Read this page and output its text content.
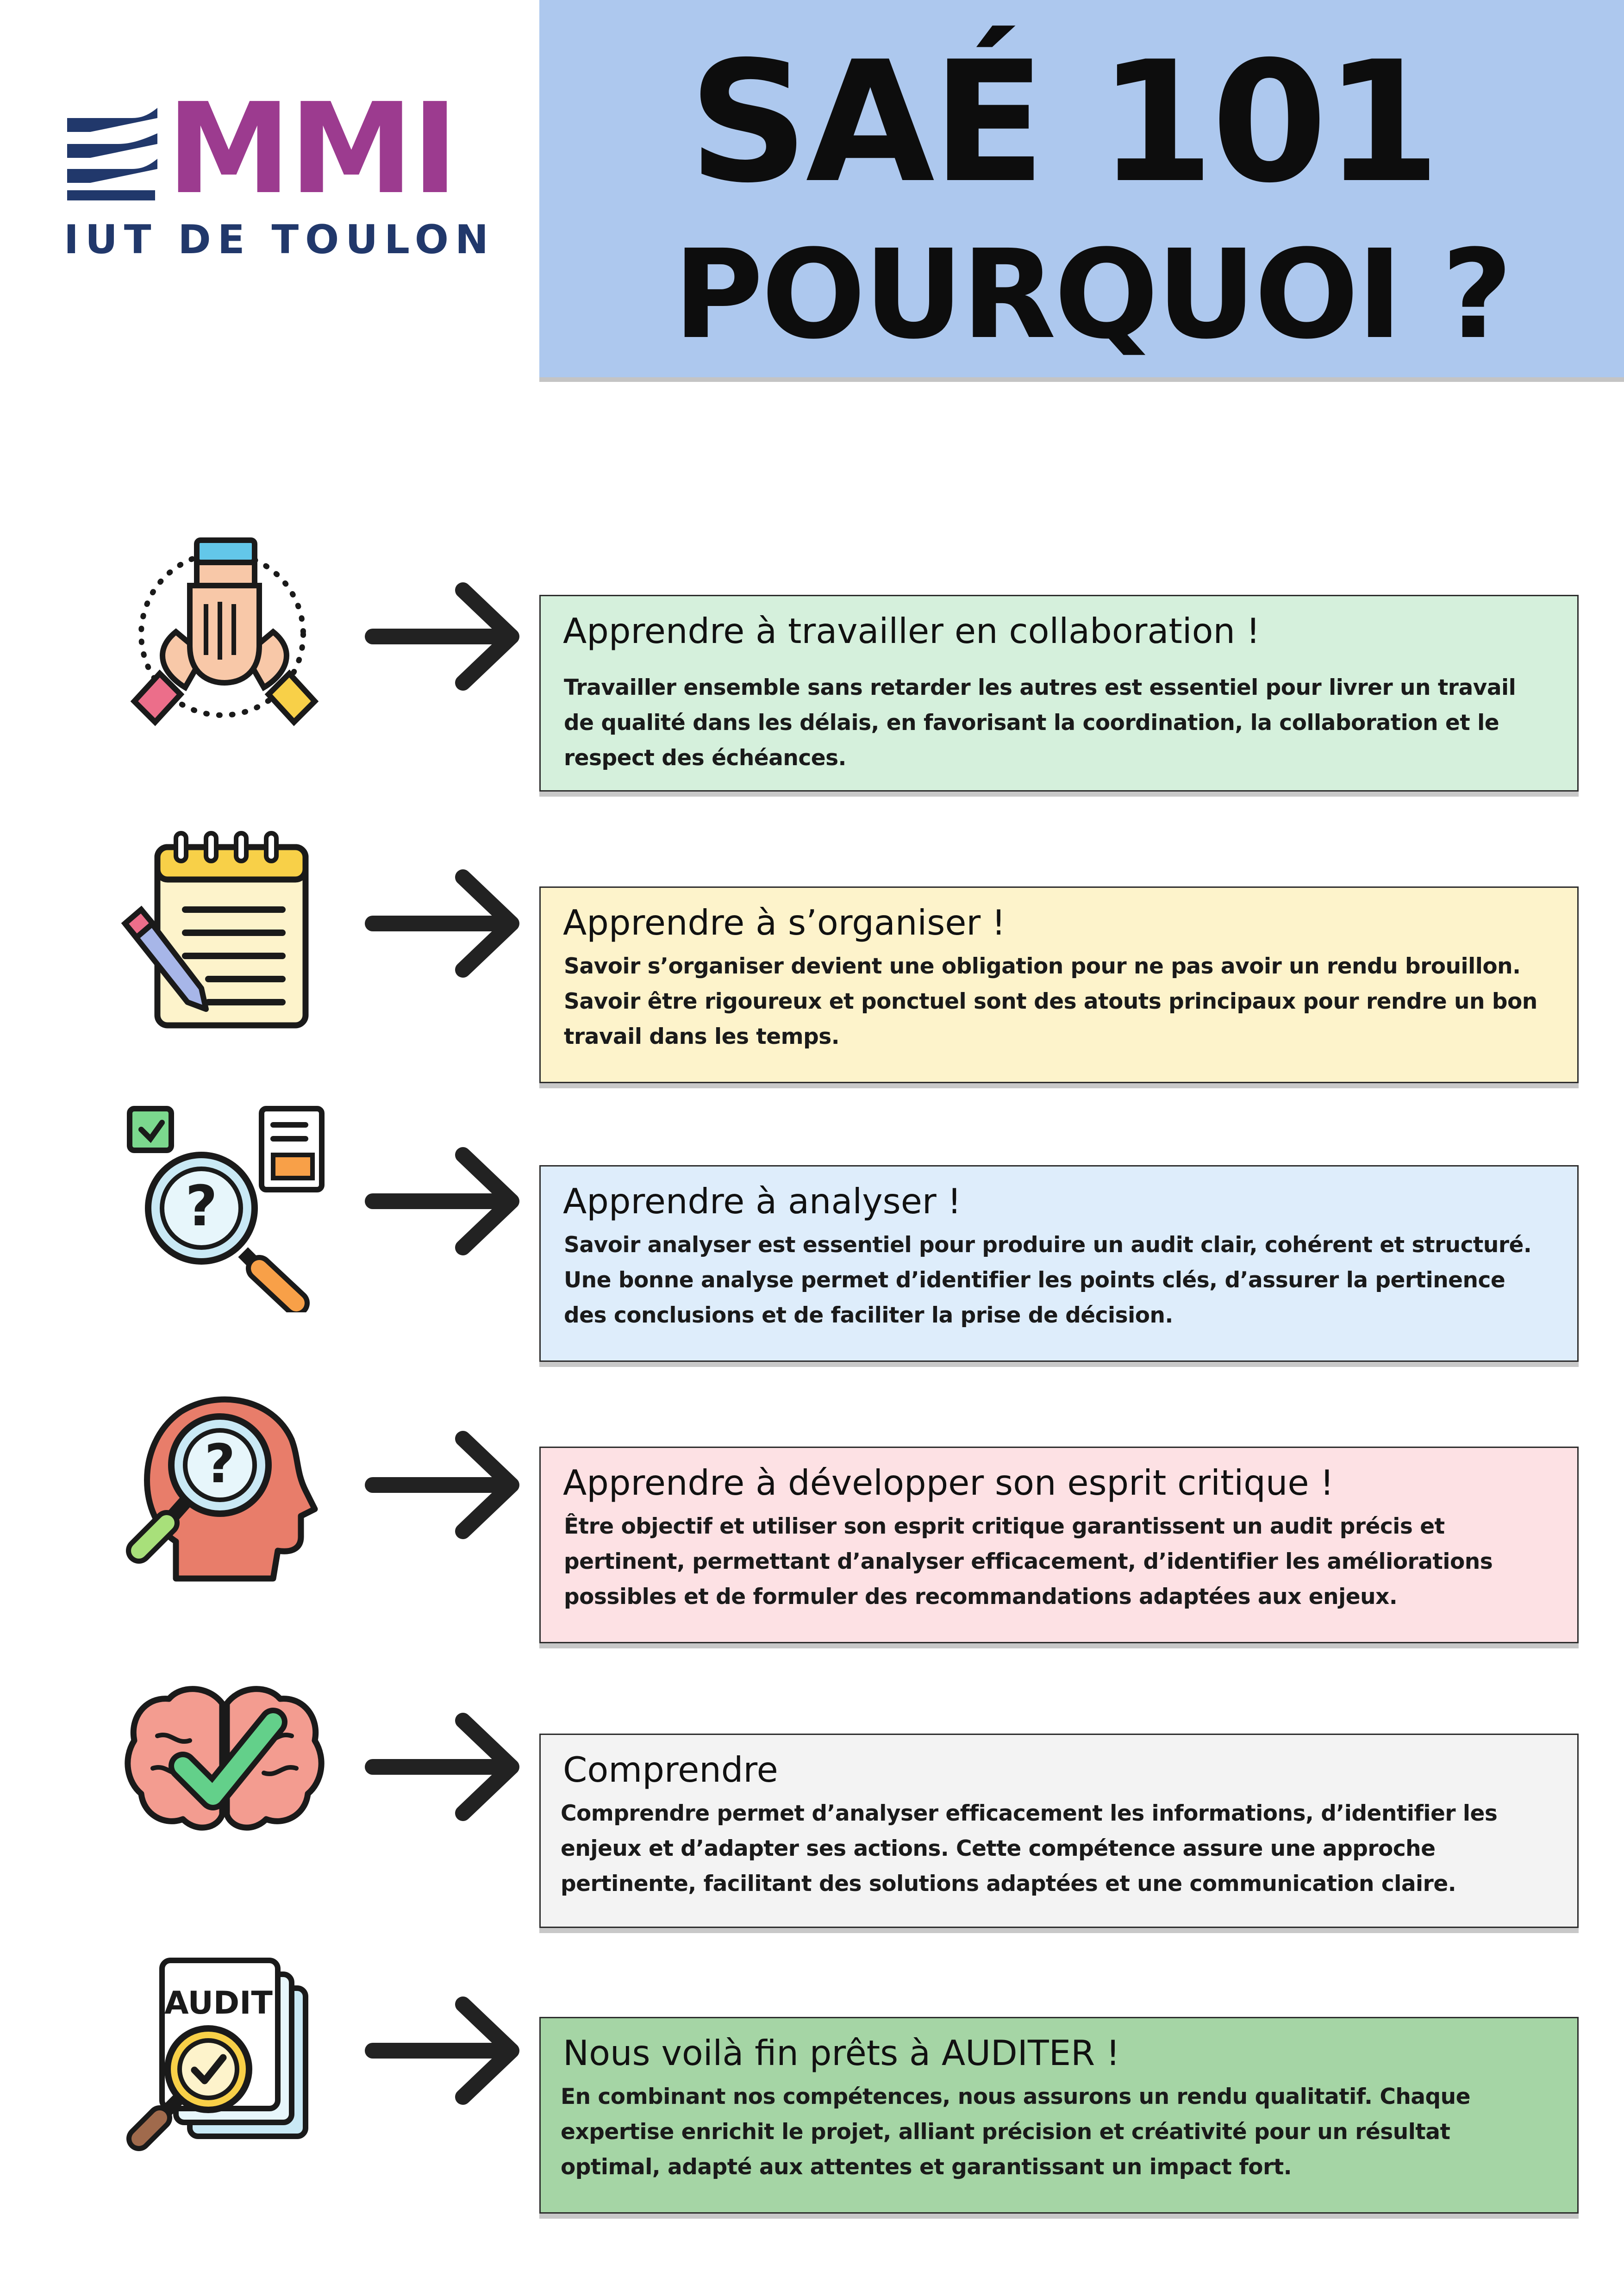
MMI
IUT DE TOULON
SAÉ 101
POURQUOI ?
Apprendre à travailler en collaboration !
Travailler ensemble sans retarder les autres est essentiel pour livrer un travail de qualité dans les délais, en favorisant la coordination, la collaboration et le respect des échéances.
Apprendre à s’organiser !
Savoir s’organiser devient une obligation pour ne pas avoir un rendu brouillon. Savoir être rigoureux et ponctuel sont des atouts principaux pour rendre un bon travail dans les temps.
?	Apprendre à analyser !
Savoir analyser est essentiel pour produire un audit clair, cohérent et structuré. Une bonne analyse permet d’identifier les points clés, d’assurer la pertinence des conclusions et de faciliter la prise de décision.
?	Apprendre à développer son esprit critique !
Être objectif et utiliser son esprit critique garantissent un audit précis et pertinent, permettant d’analyser efficacement, d’identifier les améliorations possibles et de formuler des recommandations adaptées aux enjeux.
Comprendre
Comprendre permet d’analyser efficacement les informations, d’identifier les enjeux et d’adapter ses actions. Cette compétence assure une approche pertinente, facilitant des solutions adaptées et une communication claire.
AUDIT
Nous voilà fin prêts à AUDITER !
En combinant nos compétences, nous assurons un rendu qualitatif. Chaque expertise enrichit le projet, alliant précision et créativité pour un résultat optimal, adapté aux attentes et garantissant un impact fort.
